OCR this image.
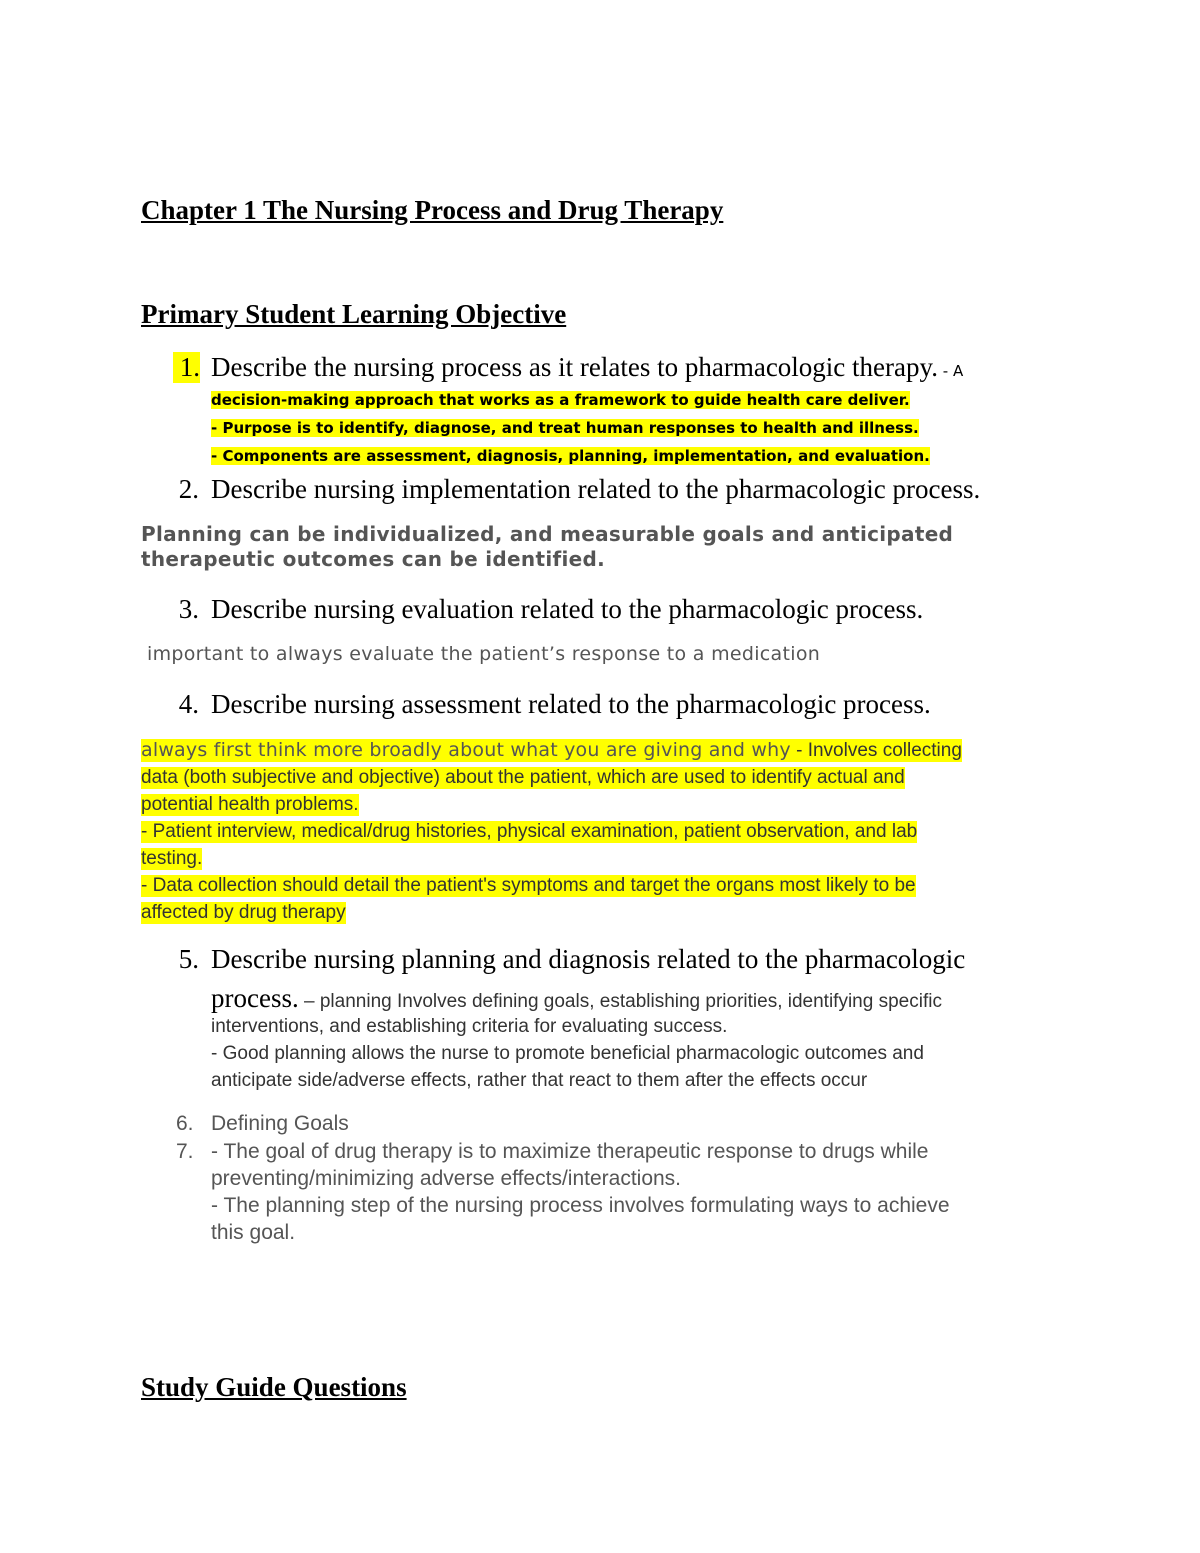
Chapter 1 The Nursing Process and Drug Therapy

Primary Student Learning Objective

1. Describe the nursing process as it relates to pharmacologic therapy. - A

decision-making approach that works as a framework to guide health care deliver.

- Purpose is to identify, diagnose, and treat human responses to health and illness.

- Components are assessment, diagnosis, planning, implementation, and evaluation.

2. Describe nursing implementation related to the pharmacologic process.

Planning can be individualized, and measurable goals and anticipated

therapeutic outcomes can be identified.

3. Describe nursing evaluation related to the pharmacologic process.

important to always evaluate the patient’s response to a medication

4. Describe nursing assessment related to the pharmacologic process.

always first think more broadly about what you are giving and why - Involves collecting

data (both subjective and objective) about the patient, which are used to identify actual and

potential health problems.

- Patient interview, medical/drug histories, physical examination, patient observation, and lab

testing.

- Data collection should detail the patient's symptoms and target the organs most likely to be

affected by drug therapy

5. Describe nursing planning and diagnosis related to the pharmacologic

process. – planning Involves defining goals, establishing priorities, identifying specific

interventions, and establishing criteria for evaluating success.

- Good planning allows the nurse to promote beneficial pharmacologic outcomes and

anticipate side/adverse effects, rather that react to them after the effects occur

6. Defining Goals

7. - The goal of drug therapy is to maximize therapeutic response to drugs while

preventing/minimizing adverse effects/interactions.

- The planning step of the nursing process involves formulating ways to achieve

this goal.

Study Guide Questions
